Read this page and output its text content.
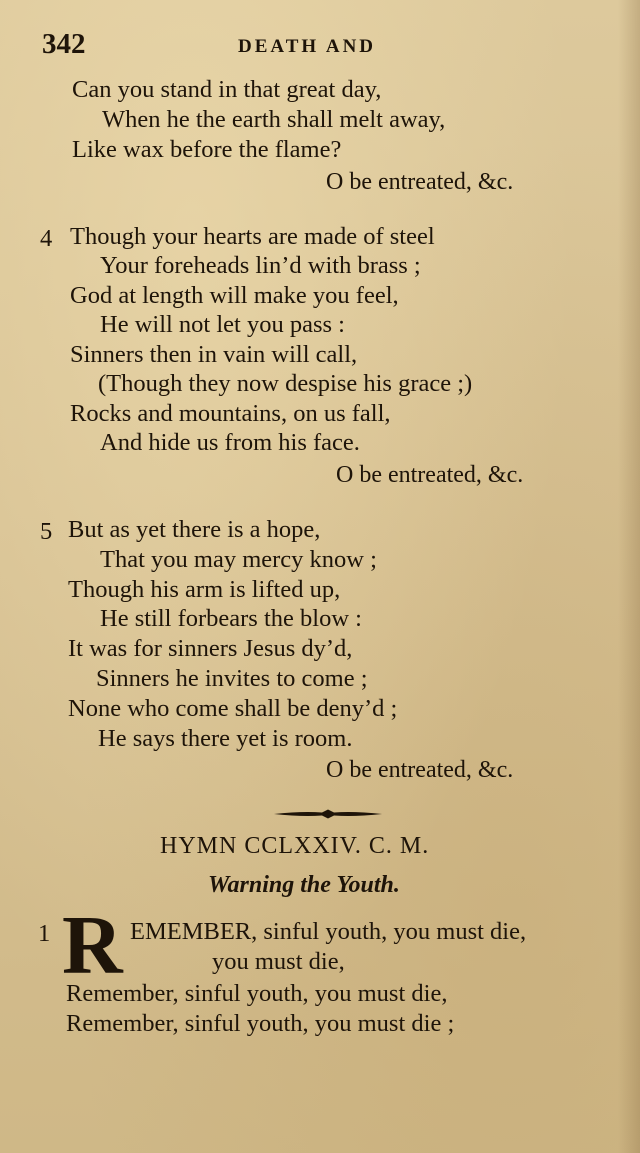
342	DEATH AND
Can you stand in that great day,
When he the earth shall melt away,
Like wax before the flame?
O be entreated, &c.
4 Though your hearts are made of steel
Your foreheads lin’d with brass ;
God at length will make you feel,
He will not let you pass :
Sinners then in vain will call,
(Though they now despise his grace ;)
Rocks and mountains, on us fall,
And hide us from his face.
O be entreated, &c.
5 But as yet there is a hope,
That you may mercy know ;
Though his arm is lifted up,
He still forbears the blow :
It was for sinners Jesus dy’d,
Sinners he invites to come ;
None who come shall be deny’d ;
He says there yet is room.
O be entreated, &c.
HYMN CCLXXIV. C. M.
Warning the Youth.
1 R EMEMBER, sinful youth, you must die,
you must die,
Remember, sinful youth, you must die,
Remember, sinful youth, you must die ;
